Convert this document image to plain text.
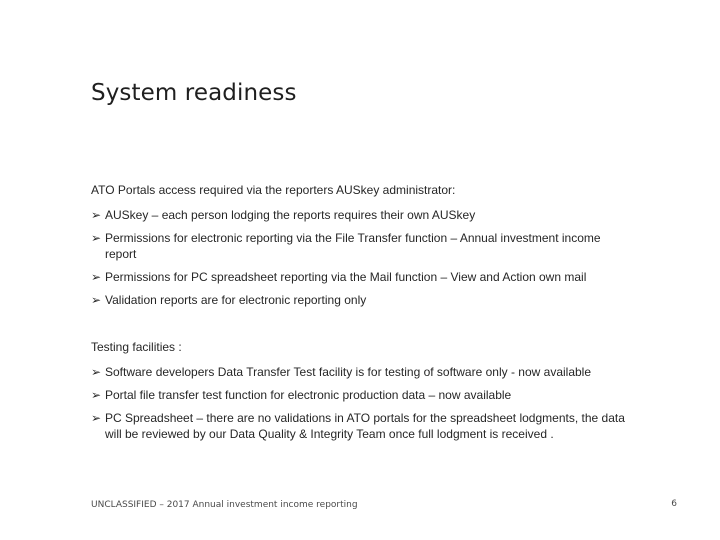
System readiness

ATO Portals access required via the reporters AUSkey administrator:

➢ AUSkey – each person lodging the reports requires their own AUSkey
➢ Permissions for electronic reporting via the File Transfer function – Annual investment income report
➢ Permissions for PC spreadsheet reporting via the Mail function – View and Action own mail
➢ Validation reports are for electronic reporting only

Testing facilities :

➢ Software developers Data Transfer Test facility is for testing of software only - now available
➢ Portal file transfer test function for electronic production data – now available
➢ PC Spreadsheet – there are no validations in ATO portals for the spreadsheet lodgments, the data will be reviewed by our Data Quality & Integrity Team once full lodgment is received .
UNCLASSIFIED – 2017 Annual investment income reporting	6
